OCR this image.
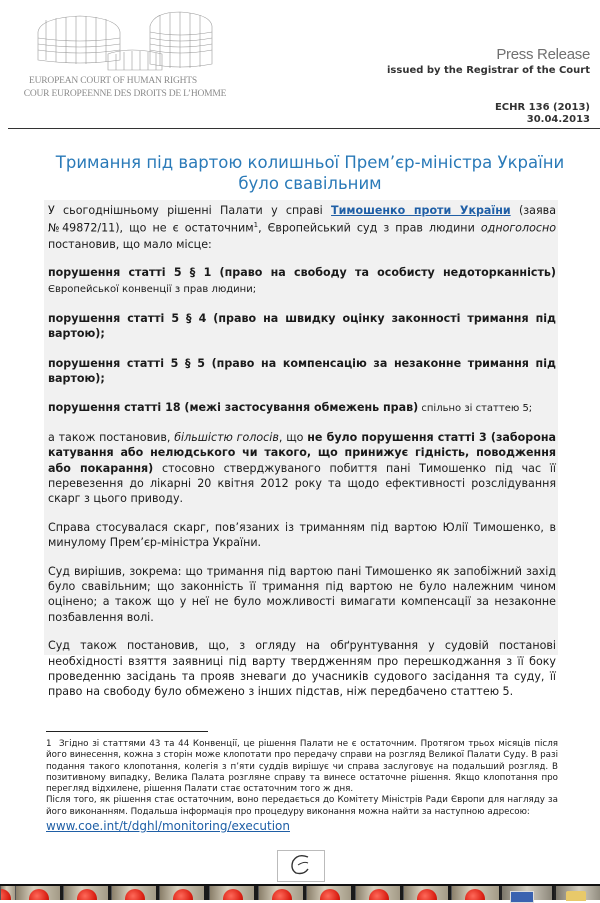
EUROPEAN COURT OF HUMAN RIGHTS
COUR EUROPEENNE DES DROITS DE L’HOMME
Press Release
issued by the Registrar of the Court
ECHR 136 (2013)
30.04.2013
Тримання під вартою колишньої Прем’єр-міністра України
було свавільним

У сьогоднішньому рішенні Палати у справі Тимошенко проти України (заява №49872/11), що не є остаточним$^1$, Європейський суд з прав людини одноголосно постановив, що мало місце:

порушення статті 5 § 1 (право на свободу та особисту недоторканність) Європейської конвенції з прав людини;

порушення статті 5 § 4 (право на швидку оцінку законності тримання під вартою);

порушення статті 5 § 5 (право на компенсацію за незаконне тримання під вартою);

порушення статті 18 (межі застосування обмежень прав) спільно зі статтею 5;

а також постановив, більшістю голосів, що не було порушення статті 3 (заборона катування або нелюдського чи такого, що принижує гідність, поводження або покарання) стосовно стверджуваного побиття пані Тимошенко під час її перевезення до лікарні 20 квітня 2012 року та щодо ефективності розслідування скарг з цього приводу.

Справа стосувалася скарг, пов’язаних із триманням під вартою Юлії Тимошенко, в минулому Прем’єр-міністра України.

Суд вирішив, зокрема: що тримання під вартою пані Тимошенко як запобіжний захід було свавільним; що законність її тримання під вартою не було належним чином оцінено; а також що у неї не було можливості вимагати компенсації за незаконне позбавлення волі.

Суд також постановив, що, з огляду на обґрунтування у судовій постанові необхідності взяття заявниці під варту твердженням про перешкоджання з її боку проведенню засідань та прояв зневаги до учасників судового засідання та суду, її право на свободу було обмежено з інших підстав, ніж передбачено статтею 5.

1 Згідно зі статтями 43 та 44 Конвенції, це рішення Палати не є остаточним. Протягом трьох місяців після його винесення, кожна з сторін може клопотати про передачу справи на розгляд Великої Палати Суду. В разі подання такого клопотання, колегія з п’яти суддів вирішує чи справа заслуговує на подальший розгляд. В позитивному випадку, Велика Палата розгляне справу та винесе остаточне рішення. Якщо клопотання про перегляд відхилене, рішення Палати стає остаточним того ж дня.

Після того, як рішення стає остаточним, воно передається до Комітету Міністрів Ради Європи для нагляду за його виконанням. Подальша інформація про процедуру виконання можна найти за наступною адресою:

www.coe.int/t/dghl/monitoring/execution
